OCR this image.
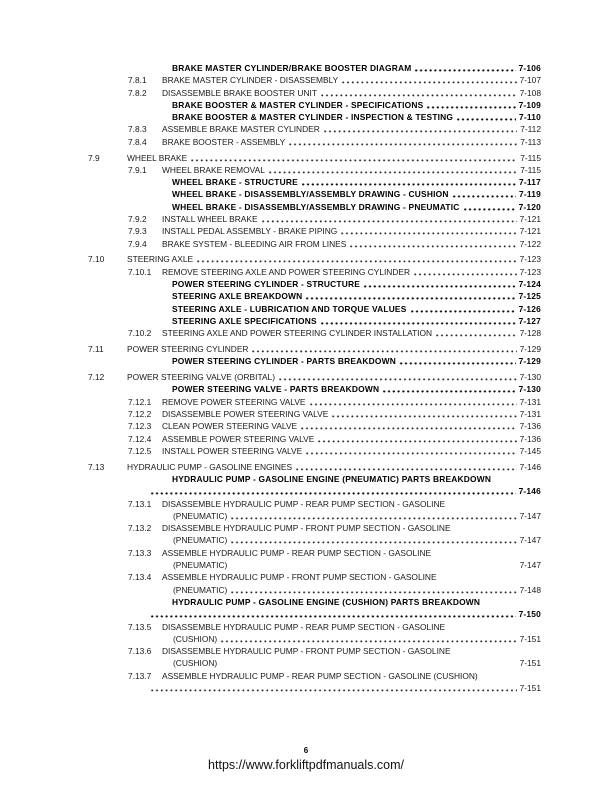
BRAKE MASTER CYLINDER/BRAKE BOOSTER DIAGRAM	7-106
7.8.1	BRAKE MASTER CYLINDER - DISASSEMBLY	7-107
7.8.2	DISASSEMBLE BRAKE BOOSTER UNIT	7-108
BRAKE BOOSTER & MASTER CYLINDER - SPECIFICATIONS	7-109
BRAKE BOOSTER & MASTER CYLINDER - INSPECTION & TESTING	7-110
7.8.3	ASSEMBLE BRAKE MASTER CYLINDER	7-112
7.8.4	BRAKE BOOSTER - ASSEMBLY	7-113
7.9	WHEEL BRAKE	7-115
7.9.1	WHEEL BRAKE REMOVAL	7-115
WHEEL BRAKE - STRUCTURE	7-117
WHEEL BRAKE - DISASSEMBLY/ASSEMBLY DRAWING - CUSHION	7-119
WHEEL BRAKE - DISASSEMBLY/ASSEMBLY DRAWING - PNEUMATIC	7-120
7.9.2	INSTALL WHEEL BRAKE	7-121
7.9.3	INSTALL PEDAL ASSEMBLY - BRAKE PIPING	7-121
7.9.4	BRAKE SYSTEM - BLEEDING AIR FROM LINES	7-122
7.10	STEERING AXLE	7-123
7.10.1	REMOVE STEERING AXLE AND POWER STEERING CYLINDER	7-123
POWER STEERING CYLINDER - STRUCTURE	7-124
STEERING AXLE BREAKDOWN	7-125
STEERING AXLE - LUBRICATION AND TORQUE VALUES	7-126
STEERING AXLE SPECIFICATIONS	7-127
7.10.2	STEERING AXLE AND POWER STEERING CYLINDER INSTALLATION	7-128
7.11	POWER STEERING CYLINDER	7-129
POWER STEERING CYLINDER - PARTS BREAKDOWN	7-129
7.12	POWER STEERING VALVE (ORBITAL)	7-130
POWER STEERING VALVE - PARTS BREAKDOWN	7-130
7.12.1	REMOVE POWER STEERING VALVE	7-131
7.12.2	DISASSEMBLE POWER STEERING VALVE	7-131
7.12.3	CLEAN POWER STEERING VALVE	7-136
7.12.4	ASSEMBLE POWER STEERING VALVE	7-136
7.12.5	INSTALL POWER STEERING VALVE	7-145
7.13	HYDRAULIC PUMP - GASOLINE ENGINES	7-146
HYDRAULIC PUMP - GASOLINE ENGINE (PNEUMATIC) PARTS BREAKDOWN
7-146
7.13.1	DISASSEMBLE HYDRAULIC PUMP - REAR PUMP SECTION - GASOLINE
(PNEUMATIC)	7-147
7.13.2	DISASSEMBLE HYDRAULIC PUMP - FRONT PUMP SECTION - GASOLINE
(PNEUMATIC)	7-147
7.13.3	ASSEMBLE HYDRAULIC PUMP - REAR PUMP SECTION - GASOLINE
(PNEUMATIC)	7-147
7.13.4	ASSEMBLE HYDRAULIC PUMP - FRONT PUMP SECTION - GASOLINE
(PNEUMATIC)	7-148
HYDRAULIC PUMP - GASOLINE ENGINE (CUSHION) PARTS BREAKDOWN
7-150
7.13.5	DISASSEMBLE HYDRAULIC PUMP - REAR PUMP SECTION - GASOLINE
(CUSHION)	7-151
7.13.6	DISASSEMBLE HYDRAULIC PUMP - FRONT PUMP SECTION - GASOLINE
(CUSHION)	7-151
7.13.7	ASSEMBLE HYDRAULIC PUMP - REAR PUMP SECTION - GASOLINE (CUSHION)
7-151
6
https://www.forkliftpdfmanuals.com/
